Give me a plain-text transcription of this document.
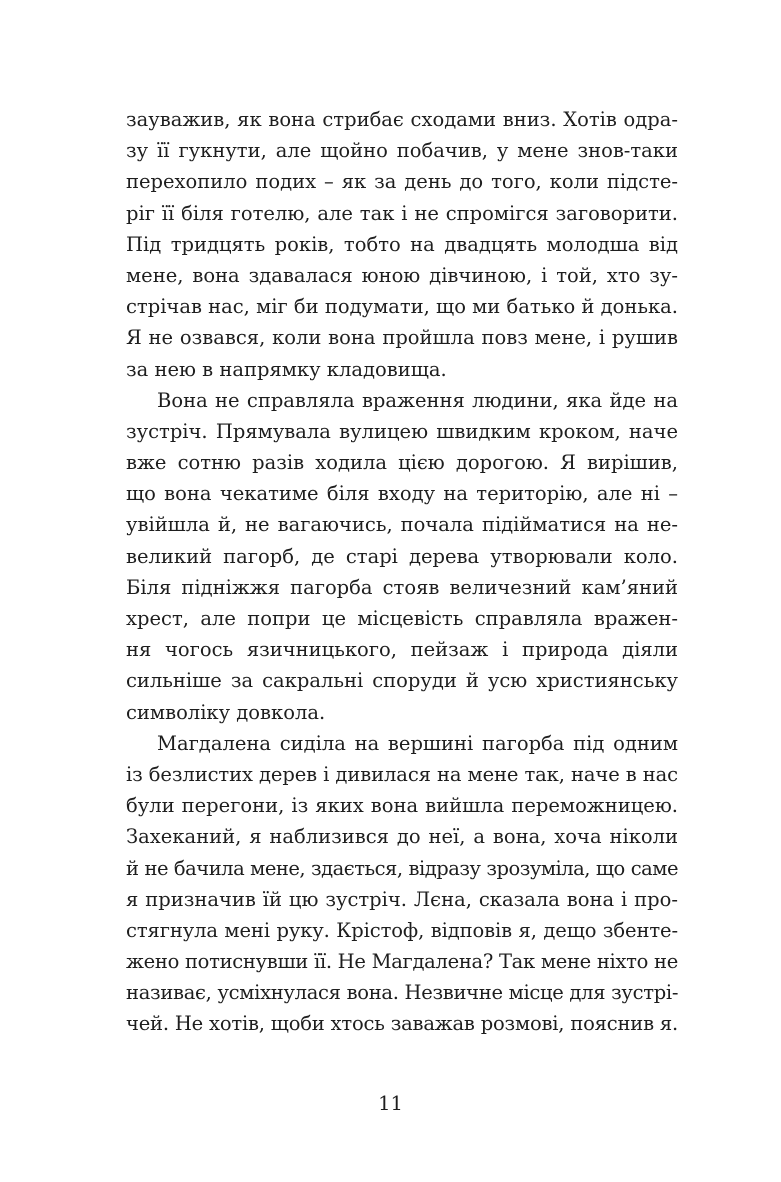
зауважив, як вона стрибає сходами вниз. Хотів одра-
зу її гукнути, але щойно побачив, у мене знов-таки
перехопило подих – як за день до того, коли підсте-
ріг її біля готелю, але так і не спромігся заговорити.
Під тридцять років, тобто на двадцять молодша від
мене, вона здавалася юною дівчиною, і той, хто зу-
стрічав нас, міг би подумати, що ми батько й донька.
Я не озвався, коли вона пройшла повз мене, і рушив
за нею в напрямку кладовища.
Вона не справляла враження людини, яка йде на
зустріч. Прямувала вулицею швидким кроком, наче
вже сотню разів ходила цією дорогою. Я вирішив,
що вона чекатиме біля входу на територію, але ні –
увійшла й, не вагаючись, почала підійматися на не-
великий пагорб, де старі дерева утворювали коло.
Біля підніжжя пагорба стояв величезний кам’яний
хрест, але попри це місцевість справляла вражен-
ня чогось язичницького, пейзаж і природа діяли
сильніше за сакральні споруди й усю християнську
символіку довкола.
Магдалена сиділа на вершині пагорба під одним
із безлистих дерев і дивилася на мене так, наче в нас
були перегони, із яких вона вийшла переможницею.
Захеканий, я наблизився до неї, а вона, хоча ніколи
й не бачила мене, здається, відразу зрозуміла, що саме
я призначив їй цю зустріч. Лєна, сказала вона і про-
стягнула мені руку. Крістоф, відповів я, дещо збенте-
жено потиснувши її. Не Магдалена? Так мене ніхто не
називає, усміхнулася вона. Незвичне місце для зустрі-
чей. Не хотів, щоби хтось заважав розмові, пояснив я.
11
